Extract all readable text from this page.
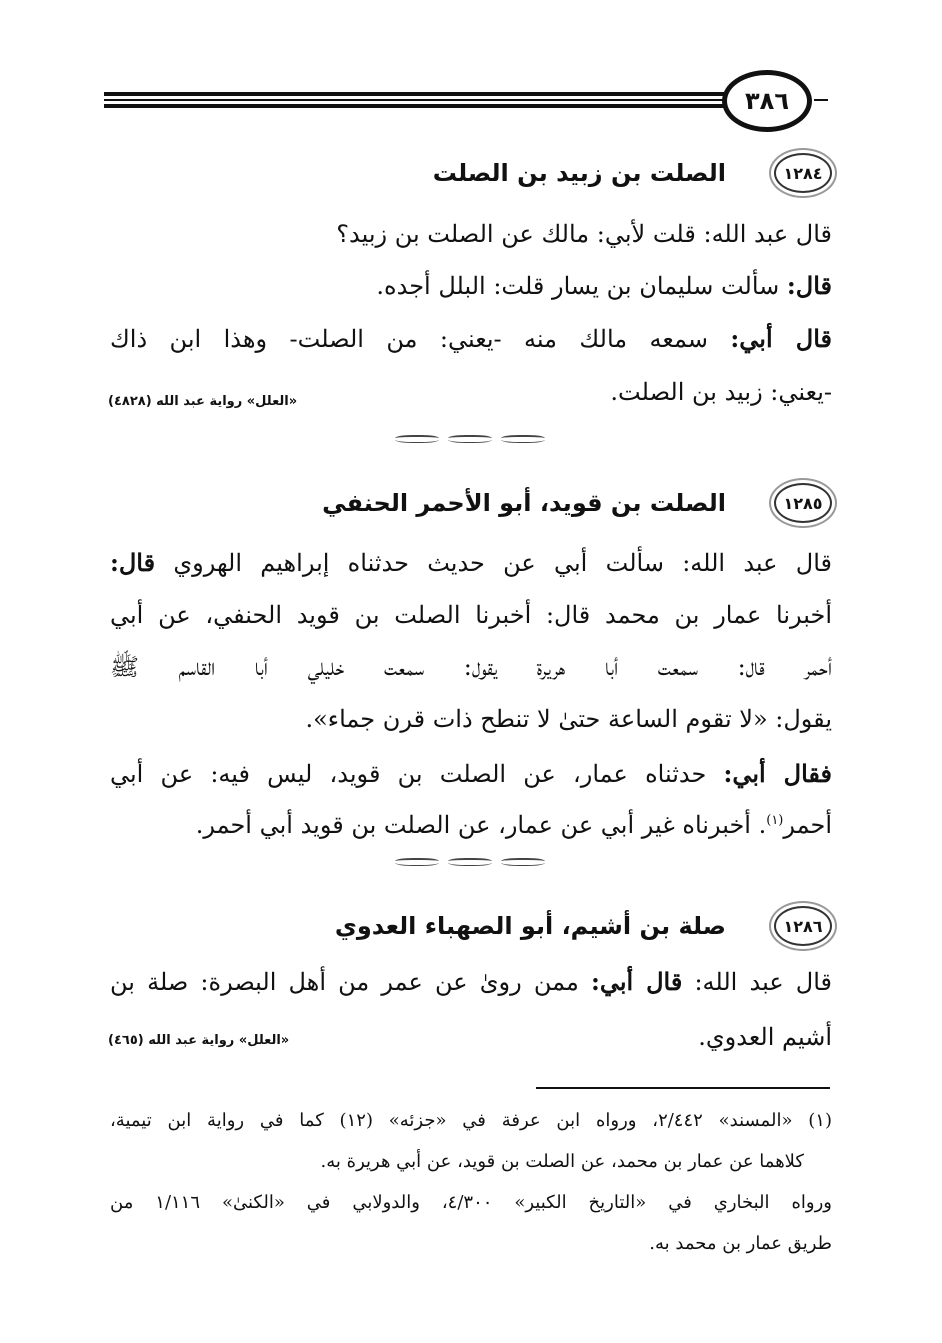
٣٨٦
١٢٨٤
الصلت بن زبيد بن الصلت
قال عبد الله: قلت لأبي: مالك عن الصلت بن زبيد؟
قال: سألت سليمان بن يسار قلت: البلل أجده.
قال أبي: سمعه مالك منه -يعني: من الصلت- وهذا ابن ذاك
-يعني: زبيد بن الصلت.
«العلل» رواية عبد الله (٤٨٢٨)
١٢٨٥
الصلت بن قويد، أبو الأحمر الحنفي
قال عبد الله: سألت أبي عن حديث حدثناه إبراهيم الهروي قال:
أخبرنا عمار بن محمد قال: أخبرنا الصلت بن قويد الحنفي، عن أبي
أحمر قال: سمعت أبا هريرة يقول: سمعت خليلي أبا القاسم ﷺ
يقول: «لا تقوم الساعة حتىٰ لا تنطح ذات قرن جماء».
فقال أبي: حدثناه عمار، عن الصلت بن قويد، ليس فيه: عن أبي
أحمر$^{(١)}$. أخبرناه غير أبي عن عمار، عن الصلت بن قويد أبي أحمر.
١٢٨٦
صلة بن أشيم، أبو الصهباء العدوي
قال عبد الله: قال أبي: ممن روىٰ عن عمر من أهل البصرة: صلة بن
أشيم العدوي.
«العلل» رواية عبد الله (٤٦٥)
(١) «المسند» ٢/٤٤٢، ورواه ابن عرفة في «جزئه» (١٢) كما في رواية ابن تيمية،
كلاهما عن عمار بن محمد، عن الصلت بن قويد، عن أبي هريرة به.
ورواه البخاري في «التاريخ الكبير» ٤/٣٠٠، والدولابي في «الكنىٰ» ١/١١٦ من
طريق عمار بن محمد به.
